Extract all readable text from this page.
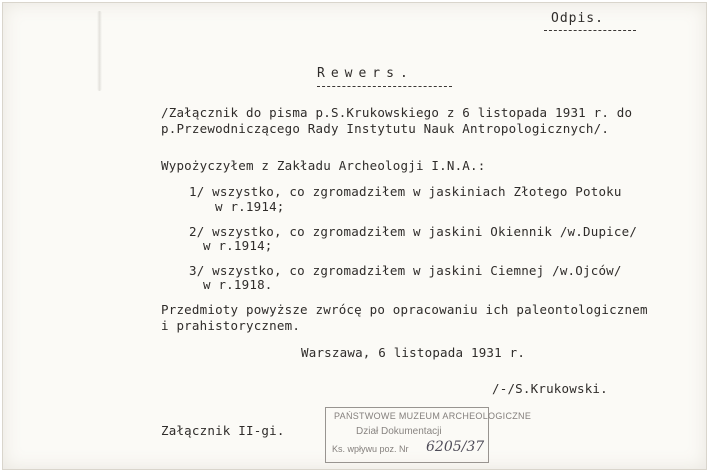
Odpis.
Rewers.
/Załącznik do pisma p.S.Krukowskiego z 6 listopada 1931 r. do
p.Przewodniczącego Rady Instytutu Nauk Antropologicznych/.
Wypożyczyłem z Zakładu Archeologji I.N.A.:
1/ wszystko, co zgromadziłem w jaskiniach Złotego Potoku
w r.1914;
2/ wszystko, co zgromadziłem w jaskini Okiennik /w.Dupice/
w r.1914;
3/ wszystko, co zgromadziłem w jaskini Ciemnej /w.Ojców/
w r.1918.
Przedmioty powyższe zwrócę po opracowaniu ich paleontologicznem
i prahistorycznem.
Warszawa, 6 listopada 1931 r.
/-/S.Krukowski.
Załącznik II-gi.
PAŃSTWOWE MUZEUM ARCHEOLOGICZNE
Dział Dokumentacji
Ks. wpływu poz. Nr 6205/37
